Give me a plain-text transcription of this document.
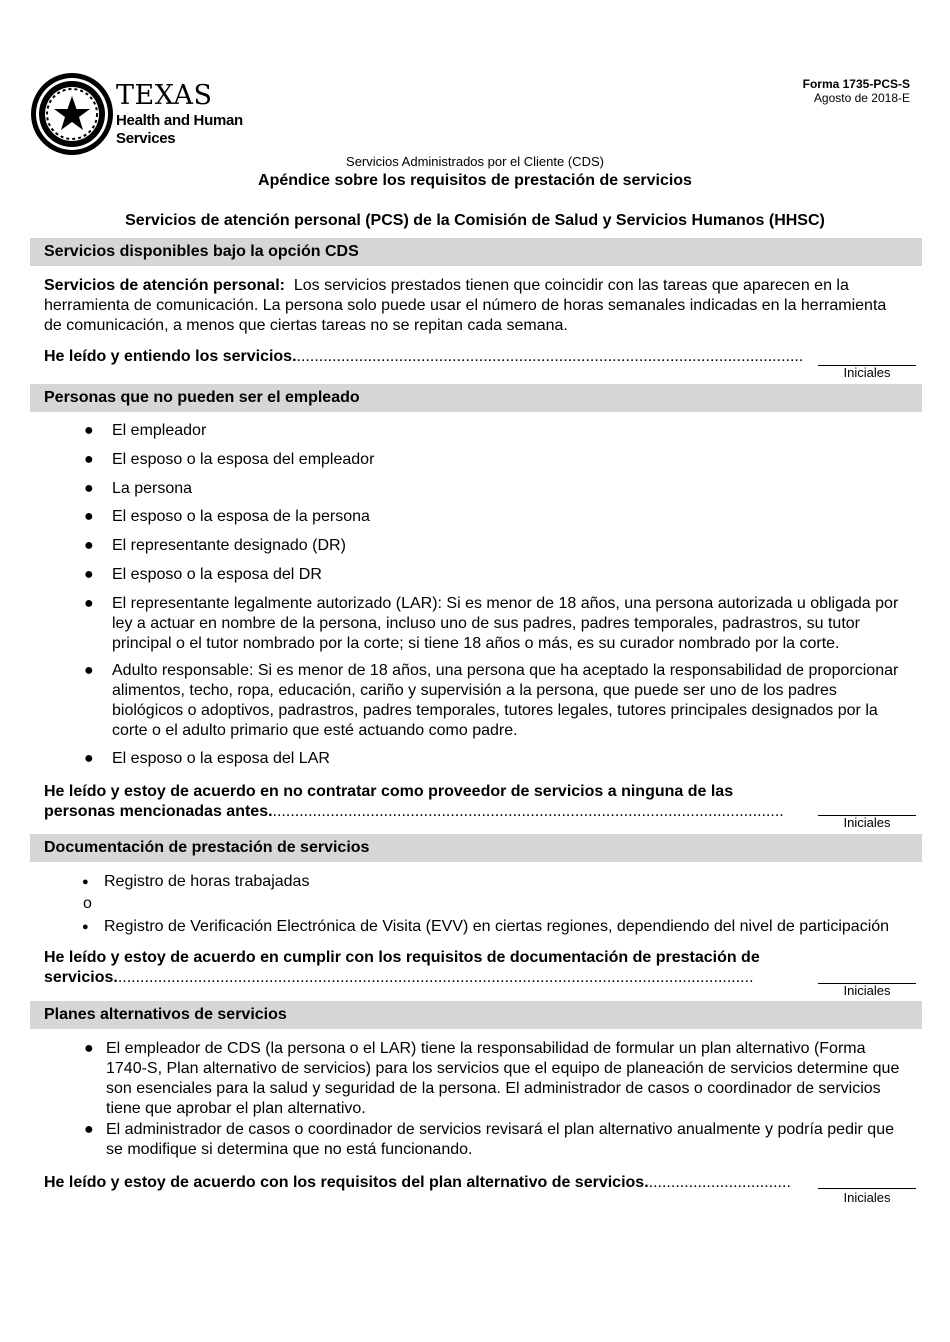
TEXAS
Health and Human
Services
Forma 1735-PCS-S
Agosto de 2018-E
Servicios Administrados por el Cliente (CDS)
Apéndice sobre los requisitos de prestación de servicios
Servicios de atención personal (PCS) de la Comisión de Salud y Servicios Humanos (HHSC)
Servicios disponibles bajo la opción CDS
Servicios de atención personal: Los servicios prestados tienen que coincidir con las tareas que aparecen en la
herramienta de comunicación. La persona solo puede usar el número de horas semanales indicadas en la herramienta
de comunicación, a menos que ciertas tareas no se repitan cada semana.
He leído y entiendo los servicios...................................................................................................................
Iniciales
Personas que no pueden ser el empleado
● El empleador
● El esposo o la esposa del empleador
● La persona
● El esposo o la esposa de la persona
● El representante designado (DR)
● El esposo o la esposa del DR
● El representante legalmente autorizado (LAR): Si es menor de 18 años, una persona autorizada u obligada por
ley a actuar en nombre de la persona, incluso uno de sus padres, padres temporales, padrastros, su tutor
principal o el tutor nombrado por la corte; si tiene 18 años o más, es su curador nombrado por la corte.
● Adulto responsable: Si es menor de 18 años, una persona que ha aceptado la responsabilidad de proporcionar
alimentos, techo, ropa, educación, cariño y supervisión a la persona, que puede ser uno de los padres
biológicos o adoptivos, padrastros, padres temporales, tutores legales, tutores principales designados por la
corte o el adulto primario que esté actuando como padre.
● El esposo o la esposa del LAR
He leído y estoy de acuerdo en no contratar como proveedor de servicios a ninguna de las
personas mencionadas antes....................................................................................................................
Iniciales
Documentación de prestación de servicios
● Registro de horas trabajadas
o
● Registro de Verificación Electrónica de Visita (EVV) en ciertas regiones, dependiendo del nivel de participación
He leído y estoy de acuerdo en cumplir con los requisitos de documentación de prestación de
servicios................................................................................................................................................
Iniciales
Planes alternativos de servicios
● El empleador de CDS (la persona o el LAR) tiene la responsabilidad de formular un plan alternativo (Forma
1740-S, Plan alternativo de servicios) para los servicios que el equipo de planeación de servicios determine que
son esenciales para la salud y seguridad de la persona. El administrador de casos o coordinador de servicios
tiene que aprobar el plan alternativo.
● El administrador de casos o coordinador de servicios revisará el plan alternativo anualmente y podría pedir que
se modifique si determina que no está funcionando.
He leído y estoy de acuerdo con los requisitos del plan alternativo de servicios.................................
Iniciales
